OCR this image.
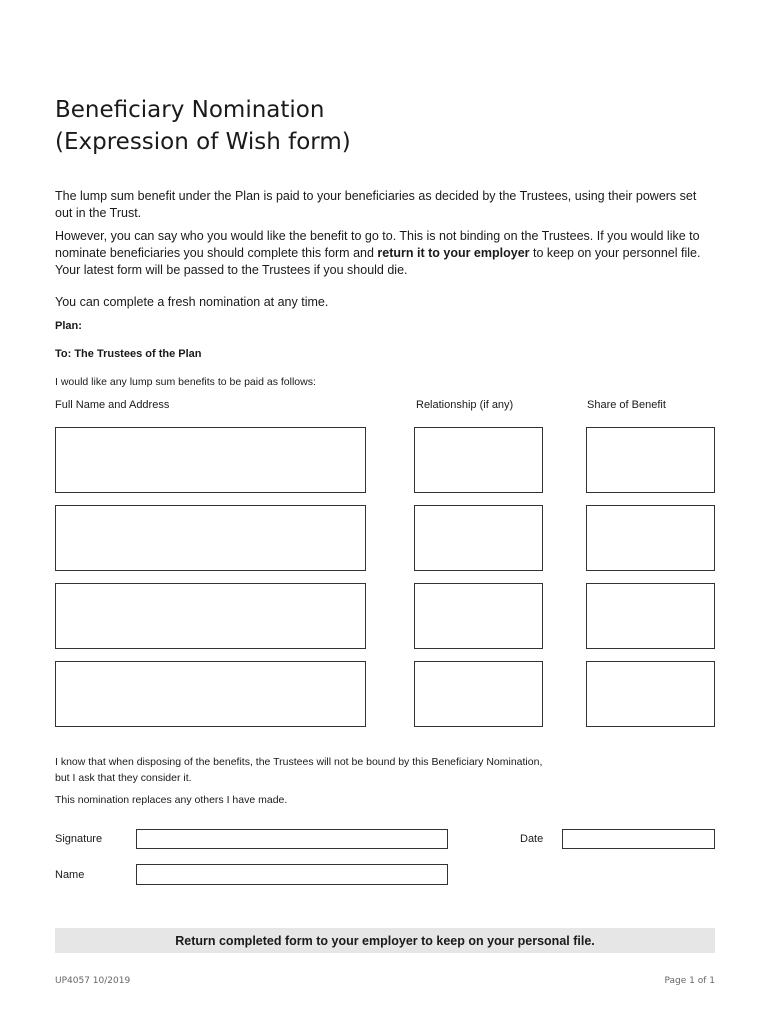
Beneficiary Nomination
(Expression of Wish form)

The lump sum benefit under the Plan is paid to your beneficiaries as decided by the Trustees, using their powers set out in the Trust.

However, you can say who you would like the benefit to go to. This is not binding on the Trustees. If you would like to nominate beneficiaries you should complete this form and return it to your employer to keep on your personnel file. Your latest form will be passed to the Trustees if you should die.

You can complete a fresh nomination at any time.

Plan:

To: The Trustees of the Plan

I would like any lump sum benefits to be paid as follows:

Full Name and Address	Relationship (if any)	Share of Benefit

I know that when disposing of the benefits, the Trustees will not be bound by this Beneficiary Nomination,
but I ask that they consider it.

This nomination replaces any others I have made.

Signature	Date
Name
Return completed form to your employer to keep on your personal file.
UP4057 10/2019	Page 1 of 1
